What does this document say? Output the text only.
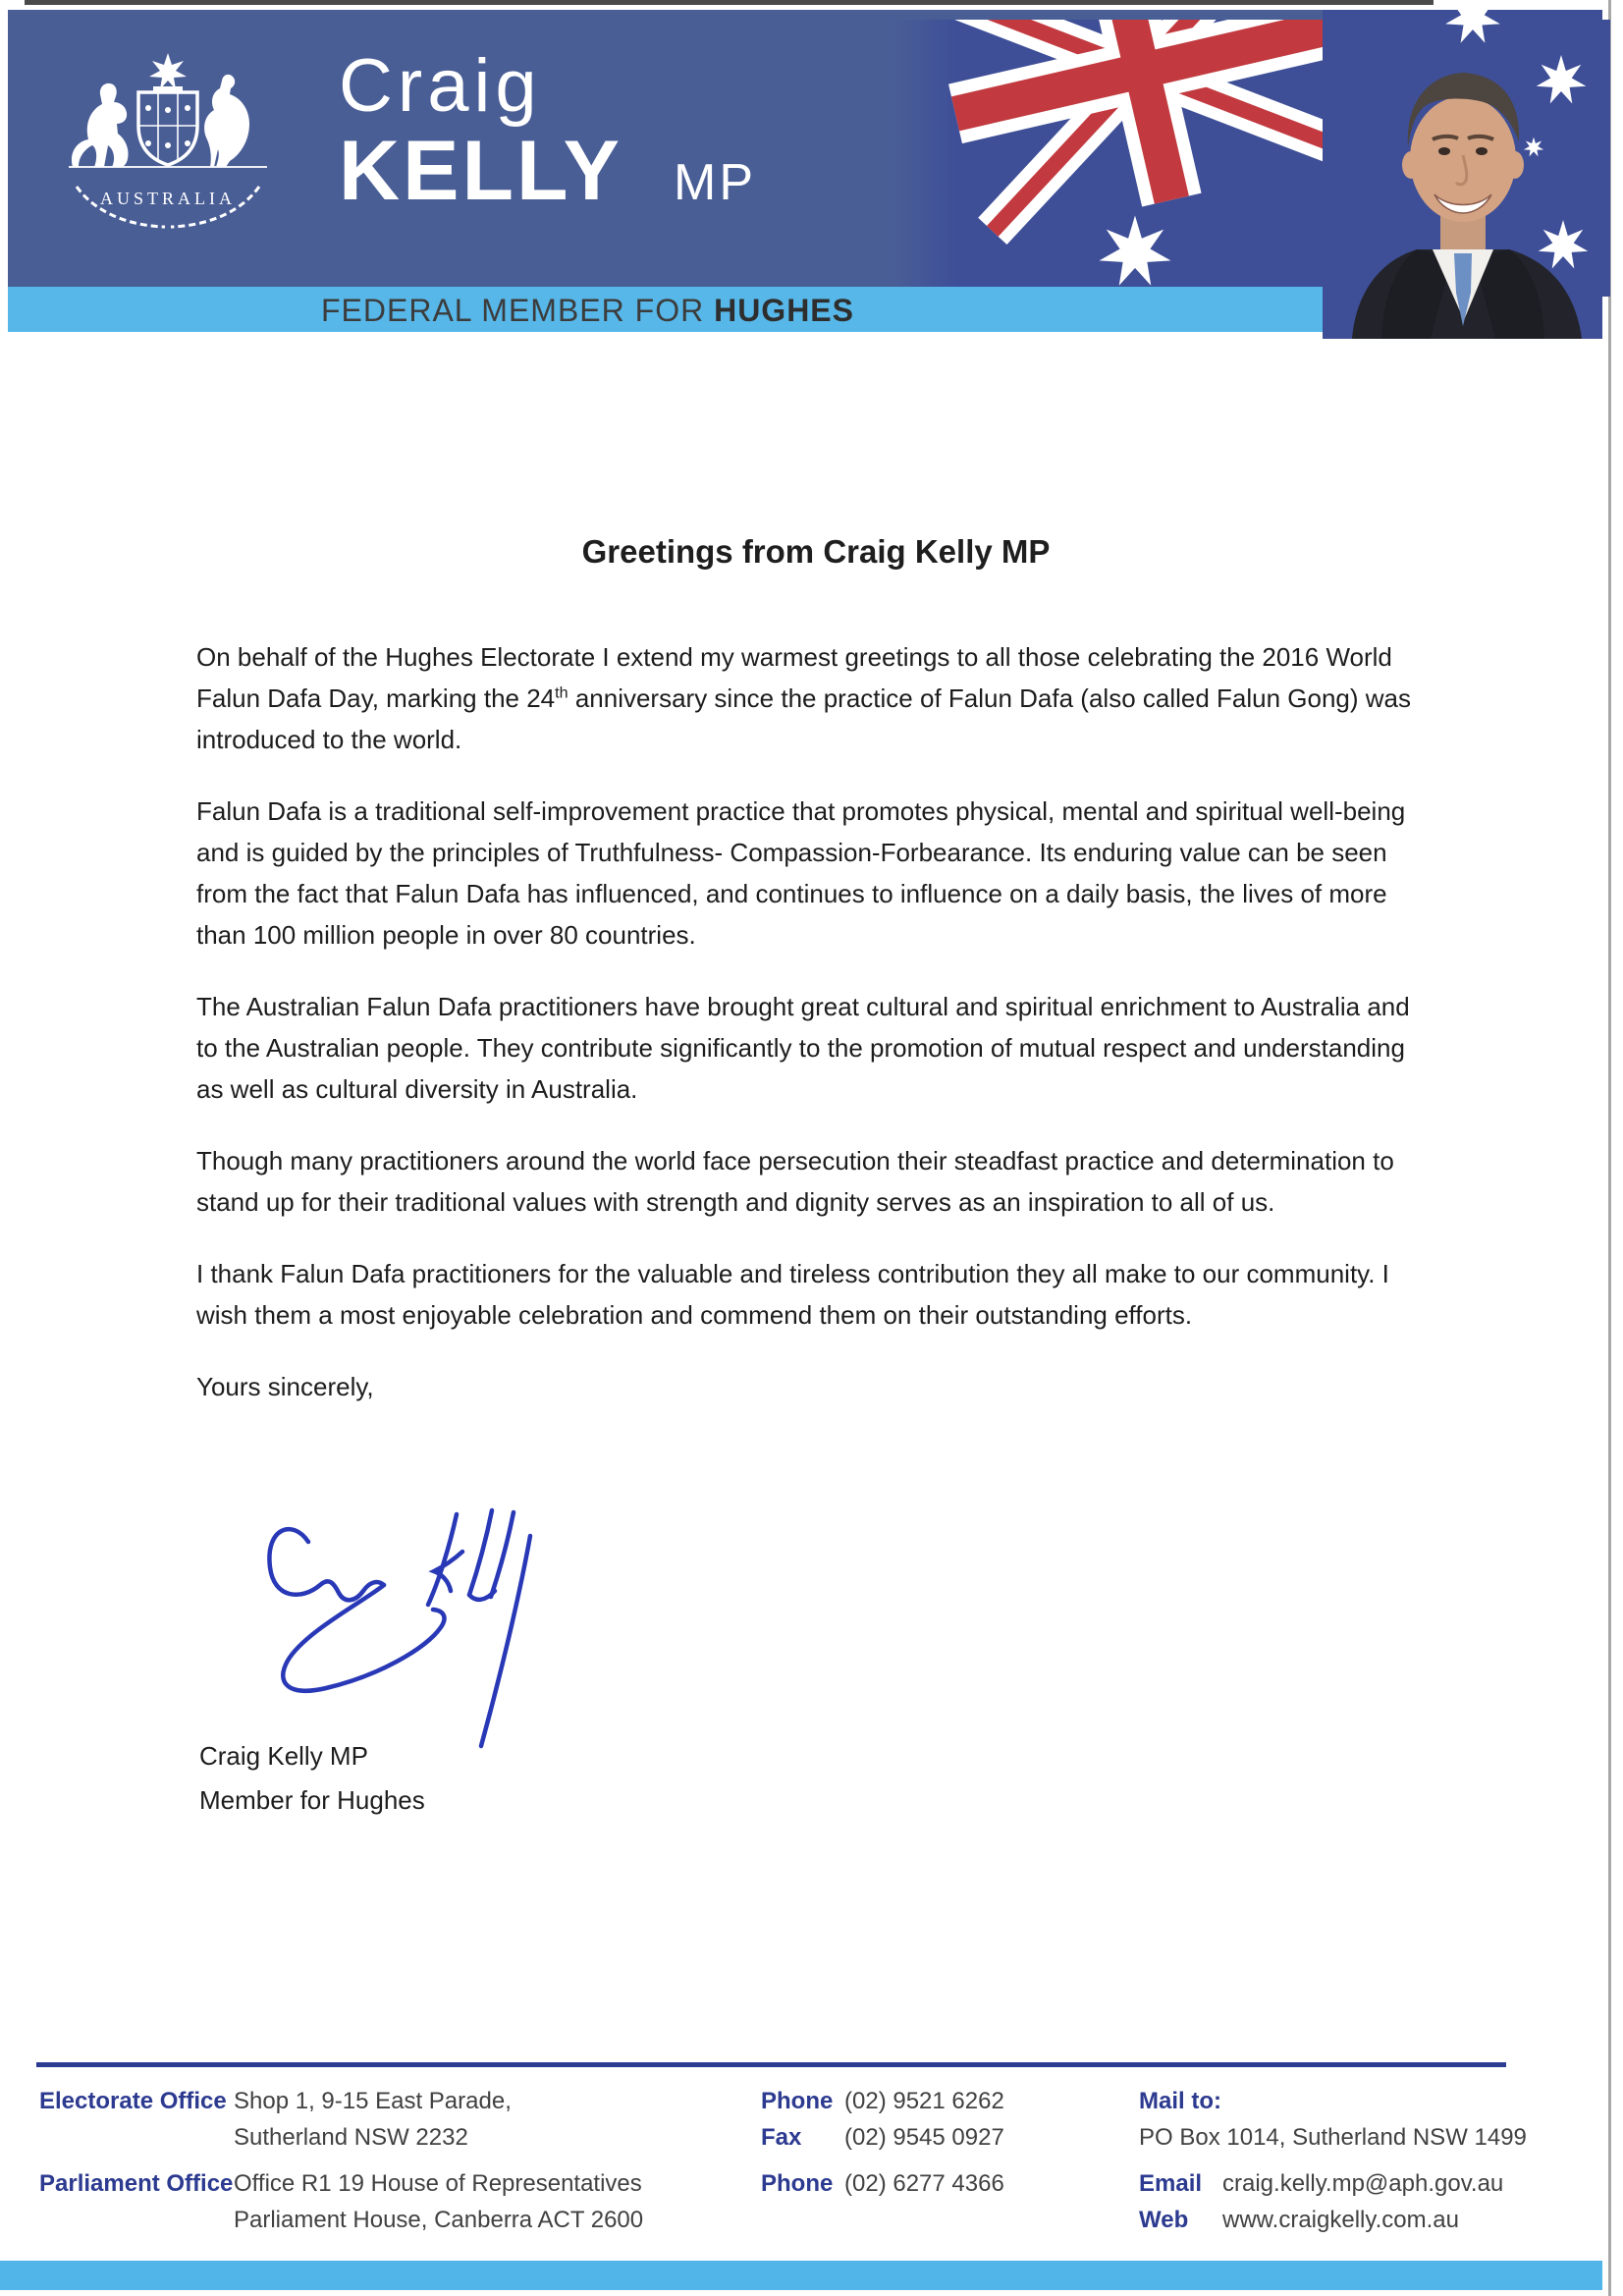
AUSTRALIA
Craig
KELLY MP
FEDERAL MEMBER FOR HUGHES
Greetings from Craig Kelly MP

On behalf of the Hughes Electorate I extend my warmest greetings to all those celebrating the 2016 World Falun Dafa Day, marking the 24th anniversary since the practice of Falun Dafa (also called Falun Gong) was introduced to the world.

Falun Dafa is a traditional self-improvement practice that promotes physical, mental and spiritual well-being and is guided by the principles of Truthfulness- Compassion-Forbearance. Its enduring value can be seen from the fact that Falun Dafa has influenced, and continues to influence on a daily basis, the lives of more than 100 million people in over 80 countries.

The Australian Falun Dafa practitioners have brought great cultural and spiritual enrichment to Australia and to the Australian people. They contribute significantly to the promotion of mutual respect and understanding as well as cultural diversity in Australia.

Though many practitioners around the world face persecution their steadfast practice and determination to stand up for their traditional values with strength and dignity serves as an inspiration to all of us.

I thank Falun Dafa practitioners for the valuable and tireless contribution they all make to our community. I wish them a most enjoyable celebration and commend them on their outstanding efforts.

Yours sincerely,

Craig Kelly MP
Member for Hughes
Electorate Office Shop 1, 9-15 East Parade,
Sutherland NSW 2232
Parliament Office Office R1 19 House of Representatives
Parliament House, Canberra ACT 2600
Phone (02) 9521 6262
Fax (02) 9545 0927
Phone (02) 6277 4366
Mail to:
PO Box 1014, Sutherland NSW 1499
Email craig.kelly.mp@aph.gov.au
Web www.craigkelly.com.au
